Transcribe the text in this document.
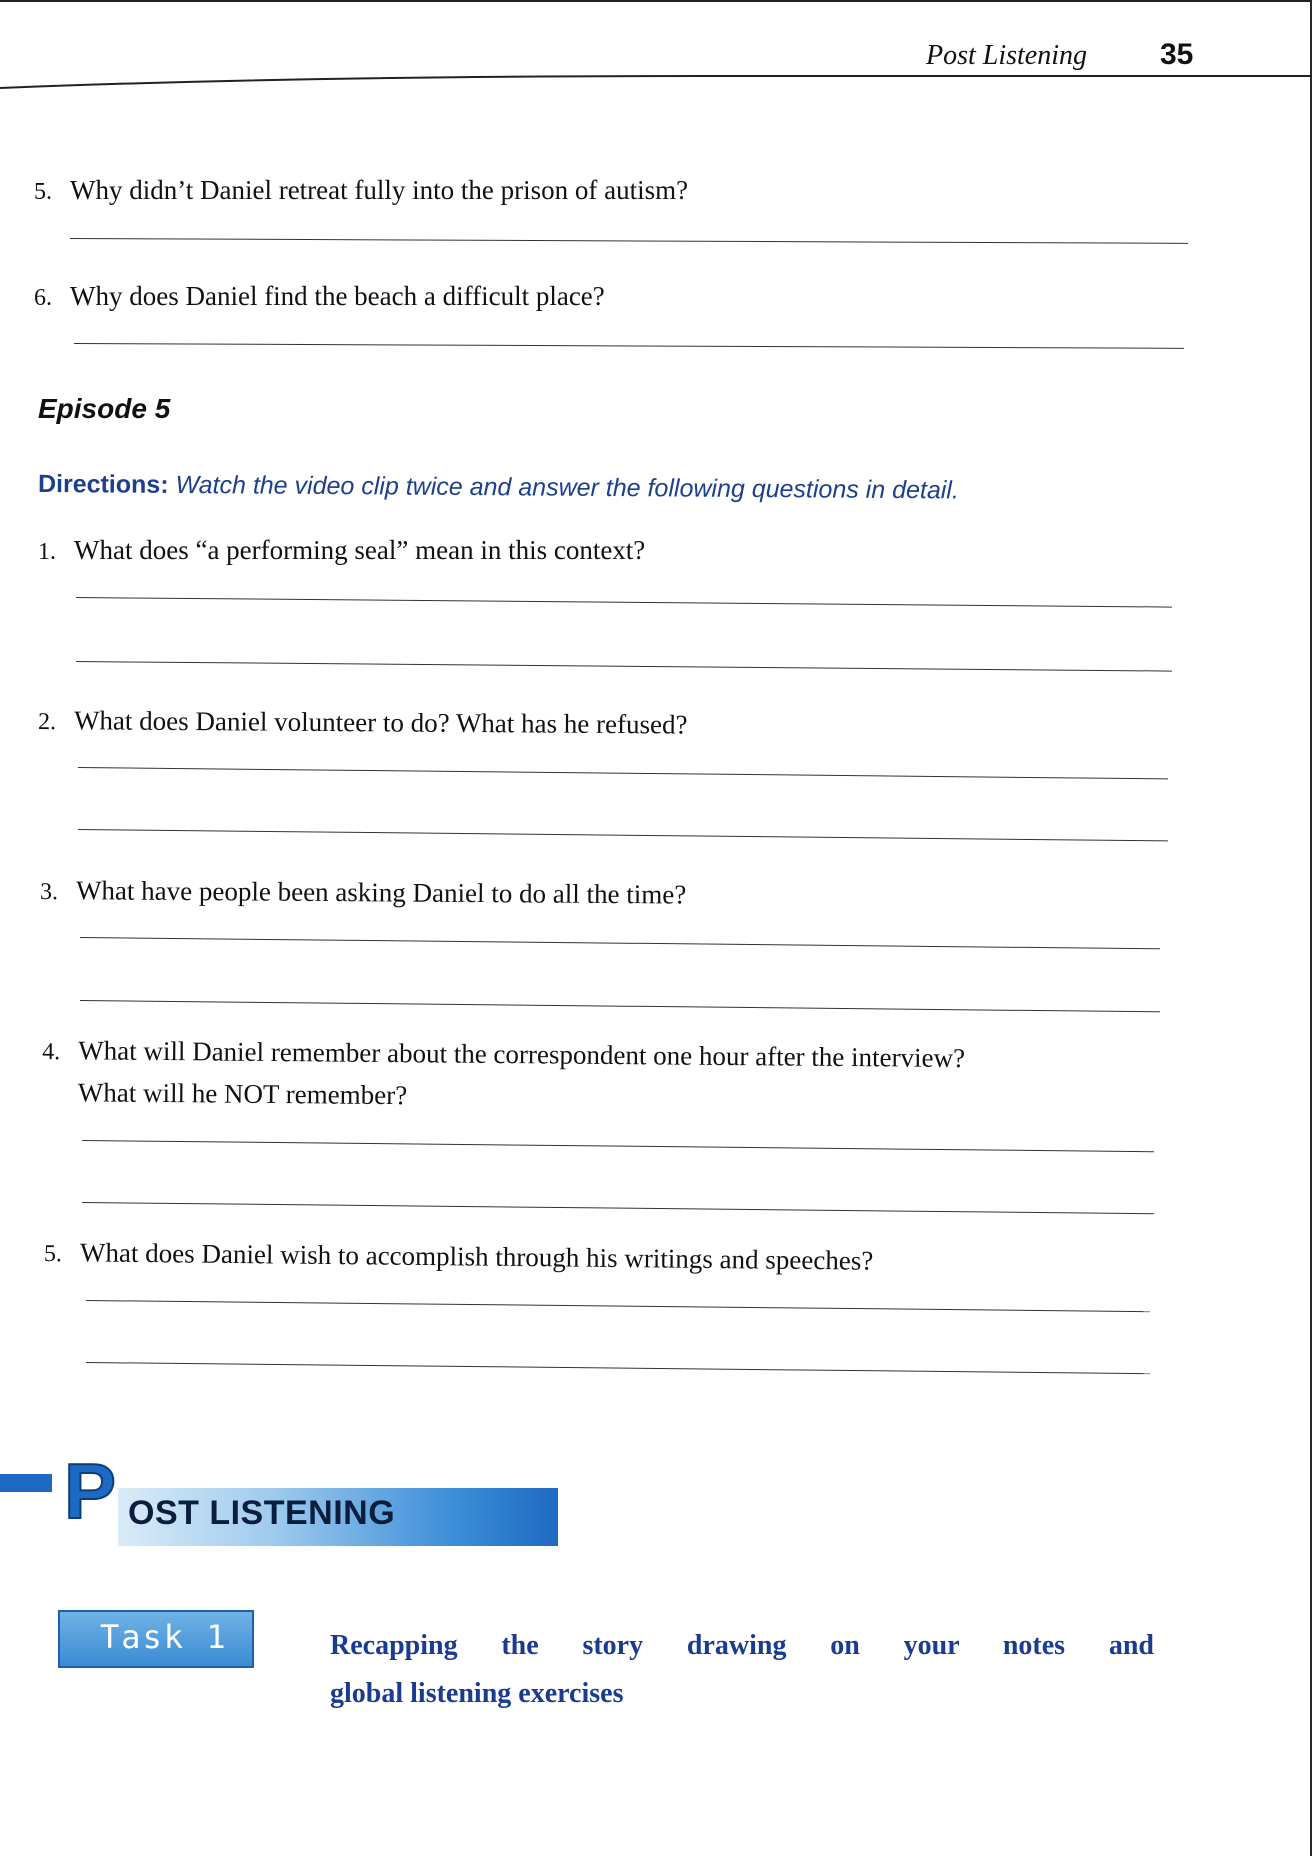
Post Listening 35
5. Why didn’t Daniel retreat fully into the prison of autism?
6. Why does Daniel find the beach a difficult place?
Episode 5
Directions: Watch the video clip twice and answer the following questions in detail.
1. What does “a performing seal” mean in this context?
2. What does Daniel volunteer to do? What has he refused?
3. What have people been asking Daniel to do all the time?
4. What will Daniel remember about the correspondent one hour after the interview?
What will he NOT remember?
5. What does Daniel wish to accomplish through his writings and speeches?
P OST LISTENING
Task 1	Recapping the story drawing on your notes and
global listening exercises
